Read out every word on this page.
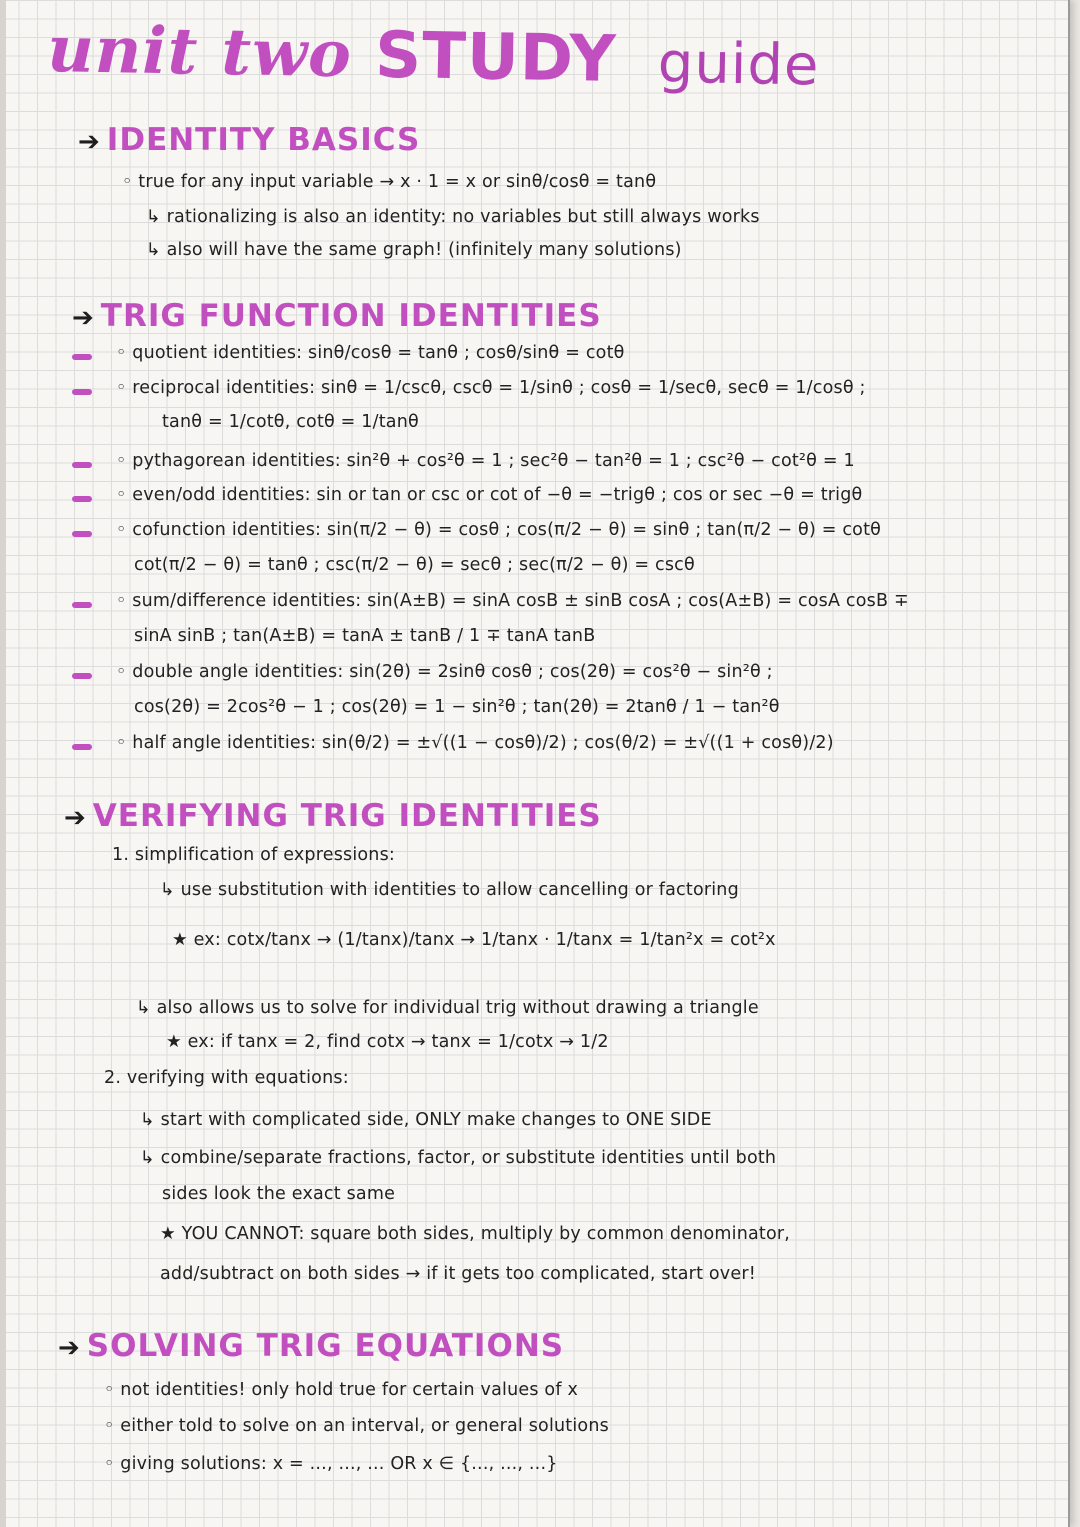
unit two STUDY guide
➔ IDENTITY BASICS
◦ true for any input variable → x · 1 = x or sinθ/cosθ = tanθ
↳ rationalizing is also an identity: no variables but still always works
↳ also will have the same graph! (infinitely many solutions)
➔ TRIG FUNCTION IDENTITIES
◦ quotient identities: sinθ/cosθ = tanθ ; cosθ/sinθ = cotθ
◦ reciprocal identities: sinθ = 1/cscθ, cscθ = 1/sinθ ; cosθ = 1/secθ, secθ = 1/cosθ ;
tanθ = 1/cotθ, cotθ = 1/tanθ
◦ pythagorean identities: sin²θ + cos²θ = 1 ; sec²θ − tan²θ = 1 ; csc²θ − cot²θ = 1
◦ even/odd identities: sin or tan or csc or cot of −θ = −trigθ ; cos or sec −θ = trigθ
◦ cofunction identities: sin(π/2 − θ) = cosθ ; cos(π/2 − θ) = sinθ ; tan(π/2 − θ) = cotθ
cot(π/2 − θ) = tanθ ; csc(π/2 − θ) = secθ ; sec(π/2 − θ) = cscθ
◦ sum/difference identities: sin(A±B) = sinA cosB ± sinB cosA ; cos(A±B) = cosA cosB ∓
sinA sinB ; tan(A±B) = tanA ± tanB / 1 ∓ tanA tanB
◦ double angle identities: sin(2θ) = 2sinθ cosθ ; cos(2θ) = cos²θ − sin²θ ;
cos(2θ) = 2cos²θ − 1 ; cos(2θ) = 1 − sin²θ ; tan(2θ) = 2tanθ / 1 − tan²θ
◦ half angle identities: sin(θ/2) = ±√((1 − cosθ)/2) ; cos(θ/2) = ±√((1 + cosθ)/2)
➔ VERIFYING TRIG IDENTITIES
1. simplification of expressions:
↳ use substitution with identities to allow cancelling or factoring
★ ex: cotx/tanx → (1/tanx)/tanx → 1/tanx · 1/tanx = 1/tan²x = cot²x
↳ also allows us to solve for individual trig without drawing a triangle
★ ex: if tanx = 2, find cotx → tanx = 1/cotx → 1/2
2. verifying with equations:
↳ start with complicated side, ONLY make changes to ONE SIDE
↳ combine/separate fractions, factor, or substitute identities until both
sides look the exact same
★ YOU CANNOT: square both sides, multiply by common denominator,
add/subtract on both sides → if it gets too complicated, start over!
➔ SOLVING TRIG EQUATIONS
◦ not identities! only hold true for certain values of x
◦ either told to solve on an interval, or general solutions
◦ giving solutions: x = ..., ..., ... OR x ∈ {..., ..., ...}
